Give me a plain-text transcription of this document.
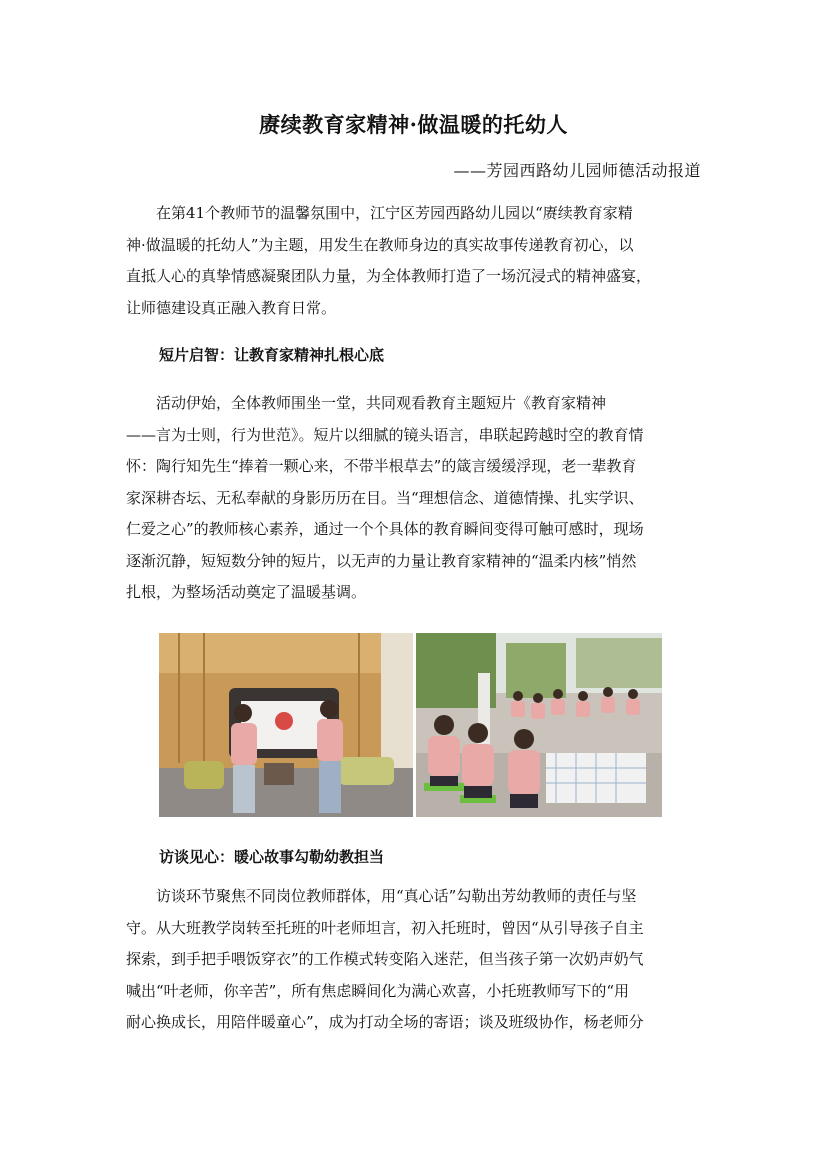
赓续教育家精神·做温暖的托幼人
——芳园西路幼儿园师德活动报道

在第41个教师节的温馨氛围中，江宁区芳园西路幼儿园以“赓续教育家精
神·做温暖的托幼人”为主题，用发生在教师身边的真实故事传递教育初心，以
直抵人心的真挚情感凝聚团队力量，为全体教师打造了一场沉浸式的精神盛宴，
让师德建设真正融入教育日常。

短片启智：让教育家精神扎根心底

活动伊始，全体教师围坐一堂，共同观看教育主题短片《教育家精神
——言为士则，行为世范》。短片以细腻的镜头语言，串联起跨越时空的教育情
怀：陶行知先生“捧着一颗心来，不带半根草去”的箴言缓缓浮现，老一辈教育
家深耕杏坛、无私奉献的身影历历在目。当“理想信念、道德情操、扎实学识、
仁爱之心”的教师核心素养，通过一个个具体的教育瞬间变得可触可感时，现场
逐渐沉静，短短数分钟的短片，以无声的力量让教育家精神的“温柔内核”悄然
扎根，为整场活动奠定了温暖基调。

访谈见心：暖心故事勾勒幼教担当

访谈环节聚焦不同岗位教师群体，用“真心话”勾勒出芳幼教师的责任与坚
守。从大班教学岗转至托班的叶老师坦言，初入托班时，曾因“从引导孩子自主
探索，到手把手喂饭穿衣”的工作模式转变陷入迷茫，但当孩子第一次奶声奶气
喊出“叶老师，你辛苦”，所有焦虑瞬间化为满心欢喜，小托班教师写下的“用
耐心换成长，用陪伴暖童心”，成为打动全场的寄语；谈及班级协作，杨老师分
